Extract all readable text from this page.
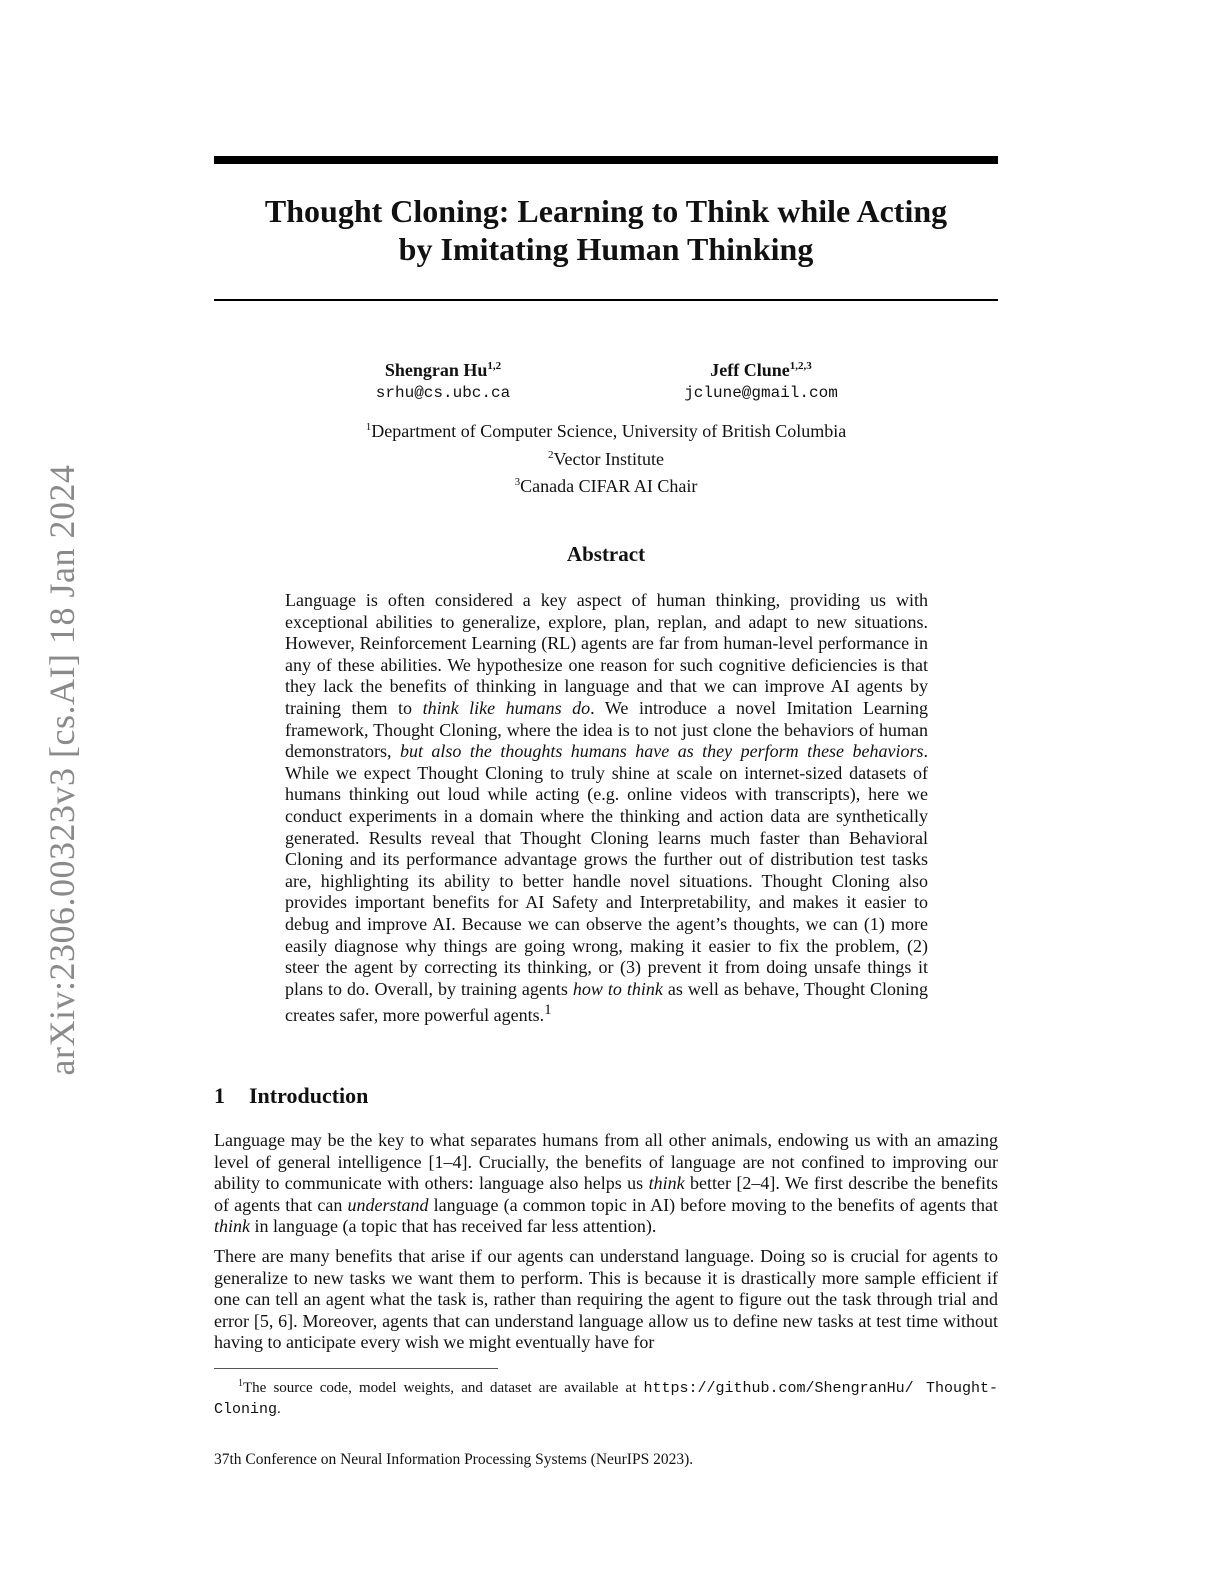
arXiv:2306.00323v3 [cs.AI] 18 Jan 2024
Thought Cloning: Learning to Think while Acting
by Imitating Human Thinking
Shengran Hu$^{1,2}$
srhu@cs.ubc.ca
Jeff Clune$^{1,2,3}$
jclune@gmail.com
$^1$Department of Computer Science, University of British Columbia
$^2$Vector Institute
$^3$Canada CIFAR AI Chair
Abstract

Language is often considered a key aspect of human thinking, providing us with exceptional abilities to generalize, explore, plan, replan, and adapt to new situations. However, Reinforcement Learning (RL) agents are far from human-level performance in any of these abilities. We hypothesize one reason for such cognitive deficiencies is that they lack the benefits of thinking in language and that we can improve AI agents by training them to think like humans do. We introduce a novel Imitation Learning framework, Thought Cloning, where the idea is to not just clone the behaviors of human demonstrators, but also the thoughts humans have as they perform these behaviors. While we expect Thought Cloning to truly shine at scale on internet-sized datasets of humans thinking out loud while acting (e.g. online videos with transcripts), here we conduct experiments in a domain where the thinking and action data are synthetically generated. Results reveal that Thought Cloning learns much faster than Behavioral Cloning and its performance advantage grows the further out of distribution test tasks are, highlighting its ability to better handle novel situations. Thought Cloning also provides important benefits for AI Safety and Interpretability, and makes it easier to debug and improve AI. Because we can observe the agent’s thoughts, we can (1) more easily diagnose why things are going wrong, making it easier to fix the problem, (2) steer the agent by correcting its thinking, or (3) prevent it from doing unsafe things it plans to do. Overall, by training agents how to think as well as behave, Thought Cloning creates safer, more powerful agents.$^1$

1 Introduction

Language may be the key to what separates humans from all other animals, endowing us with an amazing level of general intelligence [1–4]. Crucially, the benefits of language are not confined to improving our ability to communicate with others: language also helps us think better [2–4]. We first describe the benefits of agents that can understand language (a common topic in AI) before moving to the benefits of agents that think in language (a topic that has received far less attention).

There are many benefits that arise if our agents can understand language. Doing so is crucial for agents to generalize to new tasks we want them to perform. This is because it is drastically more sample efficient if one can tell an agent what the task is, rather than requiring the agent to figure out the task through trial and error [5, 6]. Moreover, agents that can understand language allow us to define new tasks at test time without having to anticipate every wish we might eventually have for

$^1$The source code, model weights, and dataset are available at https://github.com/ShengranHu/ Thought-Cloning.

37th Conference on Neural Information Processing Systems (NeurIPS 2023).
